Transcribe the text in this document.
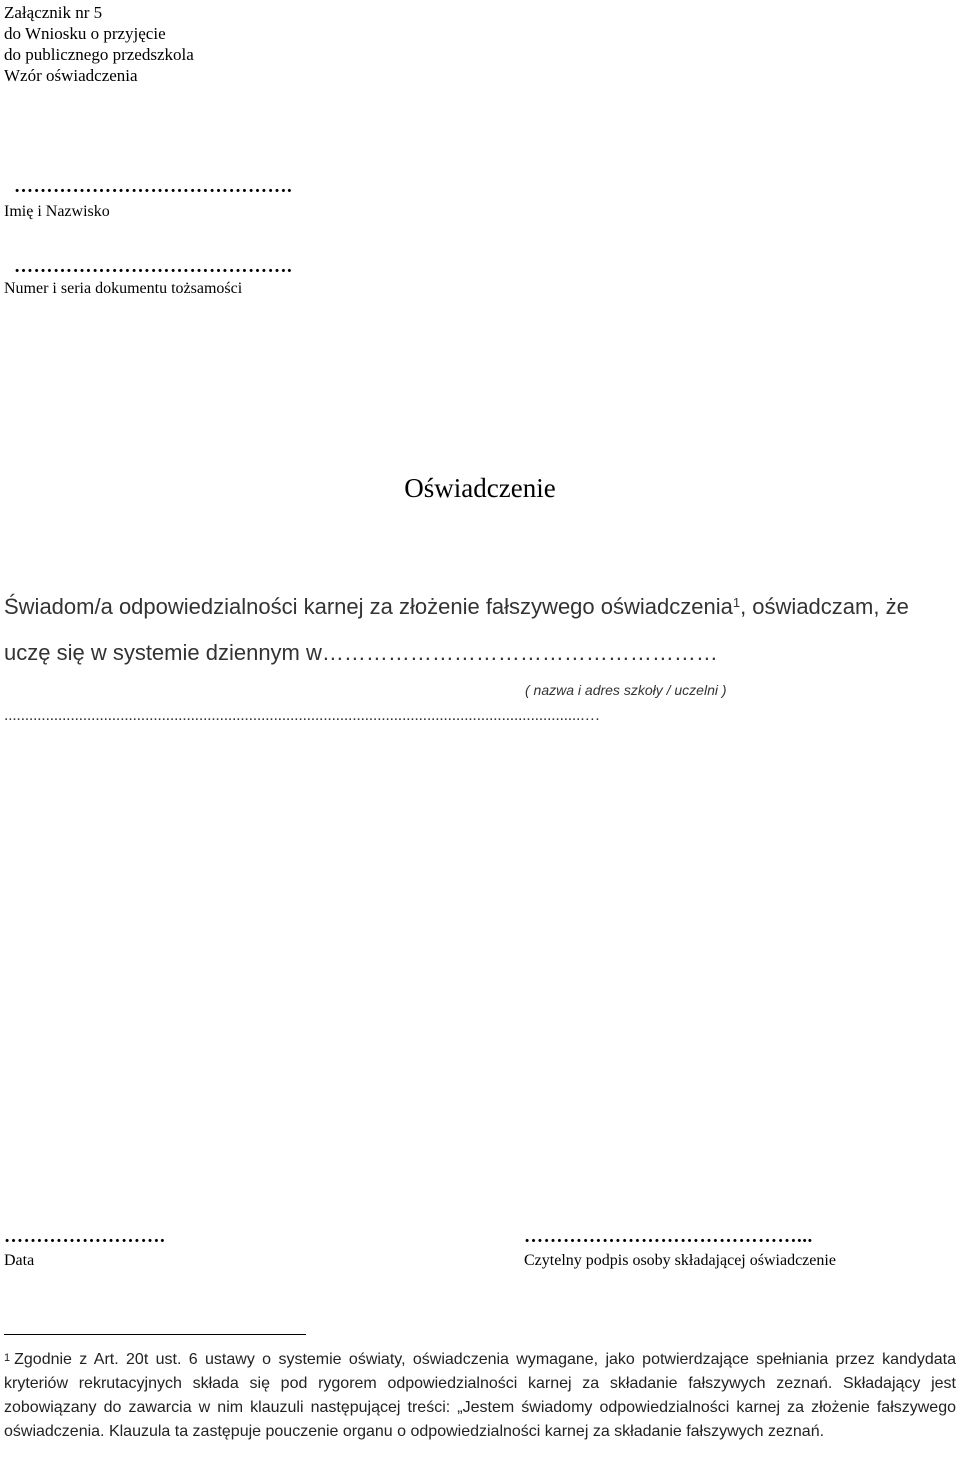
Załącznik nr 5
do Wniosku o przyjęcie
do publicznego przedszkola
Wzór oświadczenia
…………………………………….
Imię i Nazwisko
…………………………………….
Numer i seria dokumentu tożsamości
Oświadczenie
Świadom/a odpowiedzialności karnej za złożenie fałszywego oświadczenia$^1$, oświadczam, że
uczę się w systemie dziennym w………………………………………………
( nazwa i adres szkoły / uczelni )
............................................................................................................................................…
…………………….
Data
……………………………………...
Czytelny podpis osoby składającej oświadczenie
$^1$ Zgodnie z Art. 20t ust. 6 ustawy o systemie oświaty, oświadczenia wymagane, jako potwierdzające spełniania przez kandydata kryteriów rekrutacyjnych składa się pod rygorem odpowiedzialności karnej za składanie fałszywych zeznań. Składający jest zobowiązany do zawarcia w nim klauzuli następującej treści: „Jestem świadomy odpowiedzialności karnej za złożenie fałszywego oświadczenia. Klauzula ta zastępuje pouczenie organu o odpowiedzialności karnej za składanie fałszywych zeznań.
